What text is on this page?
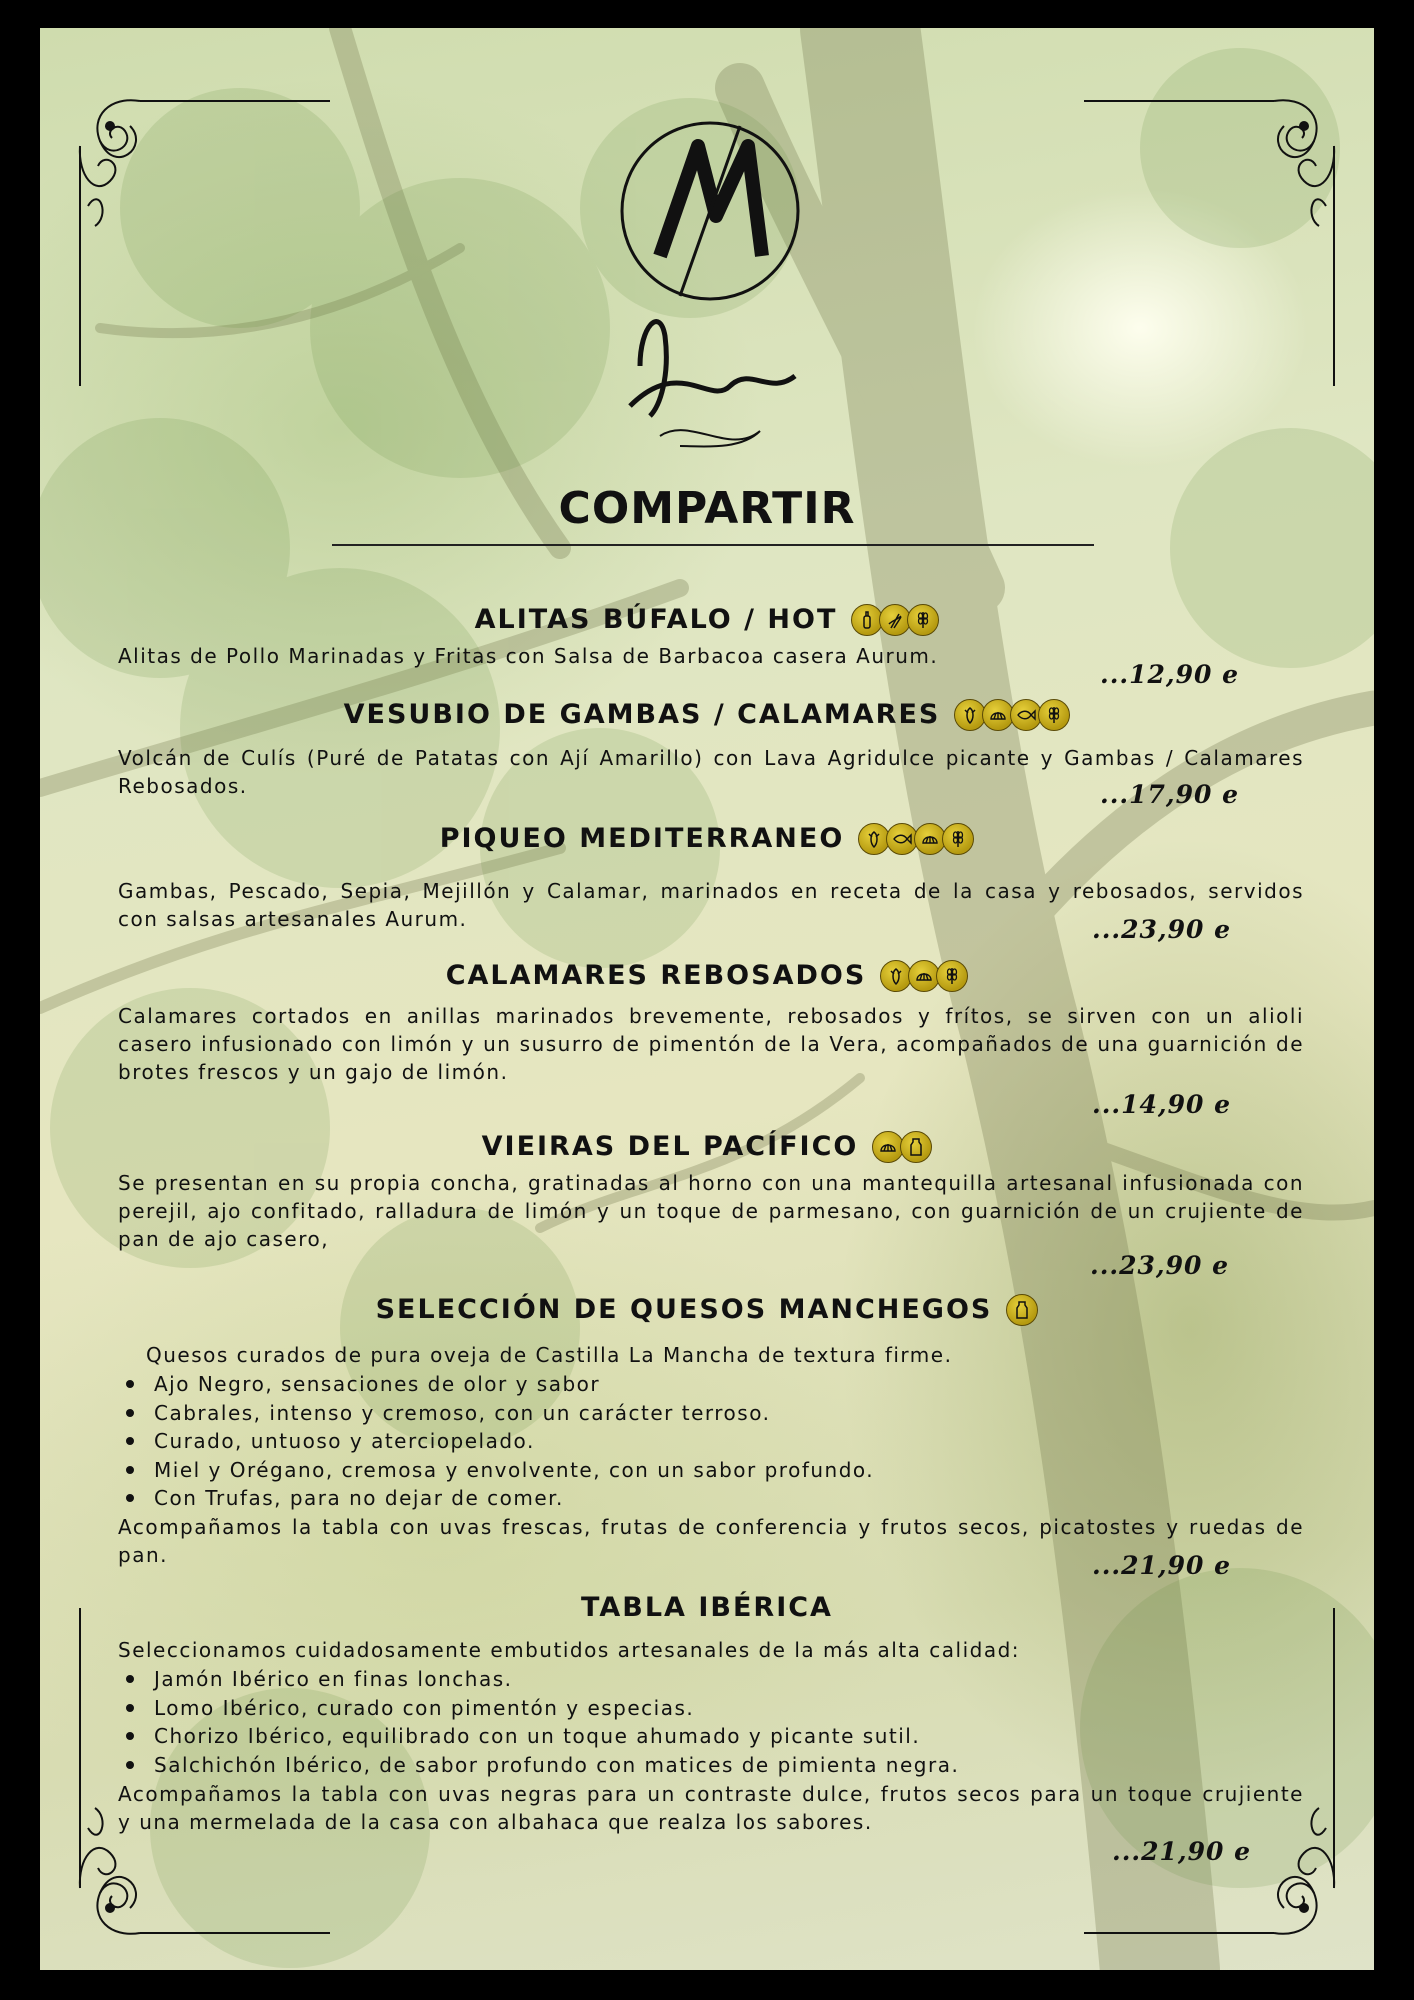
COMPARTIR
ALITAS BÚFALO / HOT
Alitas de Pollo Marinadas y Fritas con Salsa de Barbacoa casera Aurum.
...12,90 e
VESUBIO DE GAMBAS / CALAMARES
Volcán de Culís (Puré de Patatas con Ají Amarillo) con Lava Agridulce picante y Gambas / Calamares Rebosados.	...17,90 e
PIQUEO MEDITERRANEO
Gambas, Pescado, Sepia, Mejillón y Calamar, marinados en receta de la casa y rebosados, servidos con salsas artesanales Aurum.	...23,90 e
CALAMARES REBOSADOS
Calamares cortados en anillas marinados brevemente, rebosados y frítos, se sirven con un alioli casero infusionado con limón y un susurro de pimentón de la Vera, acompañados de una guarnición de brotes frescos y un gajo de limón.
...14,90 e
VIEIRAS DEL PACÍFICO
Se presentan en su propia concha, gratinadas al horno con una mantequilla artesanal infusionada con perejil, ajo confitado, ralladura de limón y un toque de parmesano, con guarnición de un crujiente de pan de ajo casero,
...23,90 e
SELECCIÓN DE QUESOS MANCHEGOS
Quesos curados de pura oveja de Castilla La Mancha de textura firme.
Ajo Negro, sensaciones de olor y sabor
Cabrales, intenso y cremoso, con un carácter terroso.
Curado, untuoso y aterciopelado.
Miel y Orégano, cremosa y envolvente, con un sabor profundo.
Con Trufas, para no dejar de comer.
Acompañamos la tabla con uvas frescas, frutas de conferencia y frutos secos, picatostes y ruedas de pan.	...21,90 e
TABLA IBÉRICA
Seleccionamos cuidadosamente embutidos artesanales de la más alta calidad:
Jamón Ibérico en finas lonchas.
Lomo Ibérico, curado con pimentón y especias.
Chorizo Ibérico, equilibrado con un toque ahumado y picante sutil.
Salchichón Ibérico, de sabor profundo con matices de pimienta negra.
Acompañamos la tabla con uvas negras para un contraste dulce, frutos secos para un toque crujiente y una mermelada de la casa con albahaca que realza los sabores.
...21,90 e
